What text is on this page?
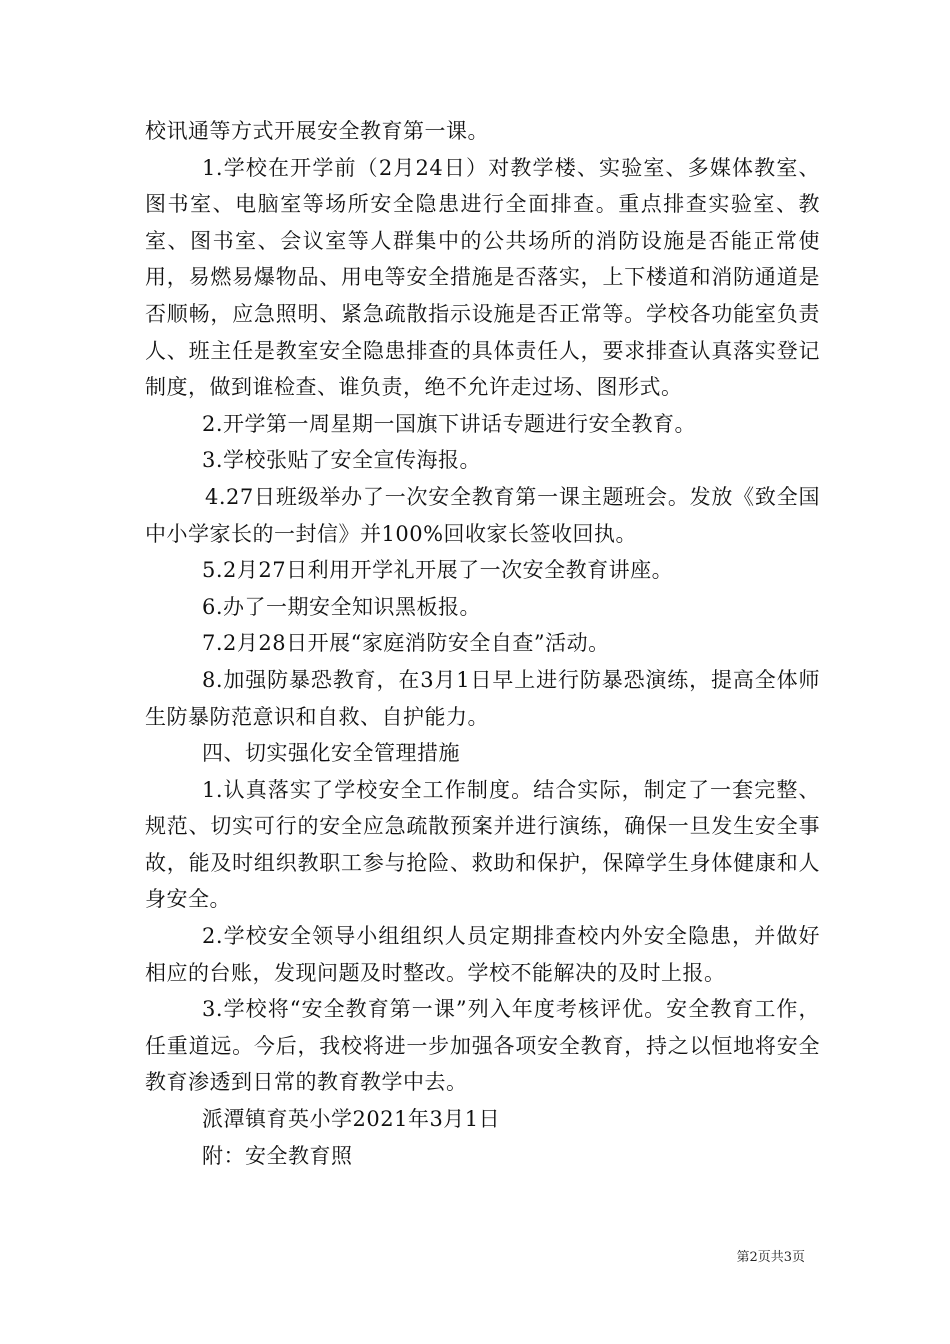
校讯通等方式开展安全教育第一课。

1.学校在开学前（2月24日）对教学楼、实验室、多媒体教室、图书室、电脑室等场所安全隐患进行全面排查。重点排查实验室、教室、图书室、会议室等人群集中的公共场所的消防设施是否能正常使用，易燃易爆物品、用电等安全措施是否落实，上下楼道和消防通道是否顺畅，应急照明、紧急疏散指示设施是否正常等。学校各功能室负责人、班主任是教室安全隐患排查的具体责任人，要求排查认真落实登记制度，做到谁检查、谁负责，绝不允许走过场、图形式。

2.开学第一周星期一国旗下讲话专题进行安全教育。

3.学校张贴了安全宣传海报。

4.27日班级举办了一次安全教育第一课主题班会。发放《致全国中小学家长的一封信》并100%回收家长签收回执。

5.2月27日利用开学礼开展了一次安全教育讲座。

6.办了一期安全知识黑板报。

7.2月28日开展“家庭消防安全自查”活动。

8.加强防暴恐教育，在3月1日早上进行防暴恐演练，提高全体师生防暴防范意识和自救、自护能力。

四、切实强化安全管理措施

1.认真落实了学校安全工作制度。结合实际，制定了一套完整、规范、切实可行的安全应急疏散预案并进行演练，确保一旦发生安全事故，能及时组织教职工参与抢险、救助和保护，保障学生身体健康和人身安全。

2.学校安全领导小组组织人员定期排查校内外安全隐患，并做好相应的台账，发现问题及时整改。学校不能解决的及时上报。

3.学校将“安全教育第一课”列入年度考核评优。安全教育工作，任重道远。今后，我校将进一步加强各项安全教育，持之以恒地将安全教育渗透到日常的教育教学中去。

派潭镇育英小学2021年3月1日

附：安全教育照

第2页共3页
